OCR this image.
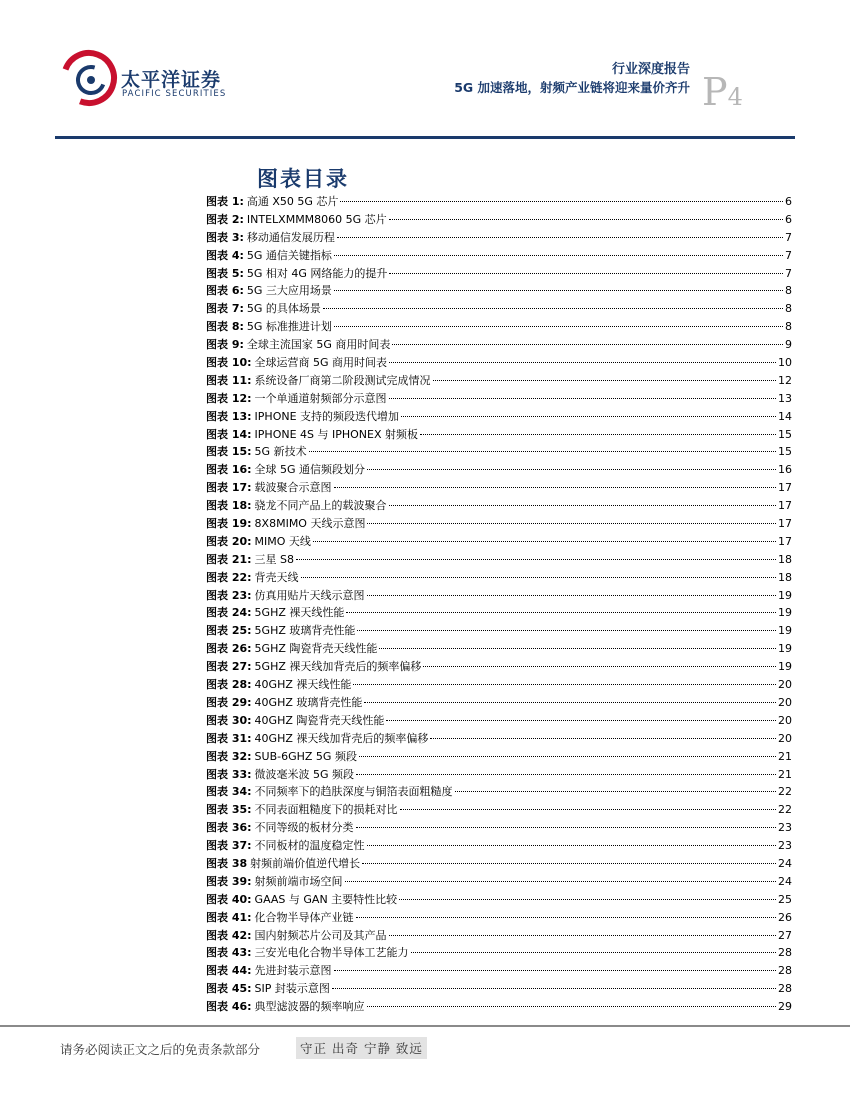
太平洋证券
PACIFIC SECURITIES
行业深度报告
5G 加速落地，射频产业链将迎来量价齐升 P4
图表目录
图表 1: 高通 X50 5G 芯片	6
图表 2: INTELXMMM8060 5G 芯片	6
图表 3: 移动通信发展历程	7
图表 4: 5G 通信关键指标	7
图表 5: 5G 相对 4G 网络能力的提升	7
图表 6: 5G 三大应用场景	8
图表 7: 5G 的具体场景	8
图表 8: 5G 标准推进计划	8
图表 9: 全球主流国家 5G 商用时间表	9
图表 10: 全球运营商 5G 商用时间表	10
图表 11: 系统设备厂商第二阶段测试完成情况	12
图表 12: 一个单通道射频部分示意图	13
图表 13: IPHONE 支持的频段迭代增加	14
图表 14: IPHONE 4S 与 IPHONEX 射频板	15
图表 15: 5G 新技术	15
图表 16: 全球 5G 通信频段划分	16
图表 17: 载波聚合示意图	17
图表 18: 骁龙不同产品上的载波聚合	17
图表 19: 8X8MIMO 天线示意图	17
图表 20: MIMO 天线	17
图表 21: 三星 S8	18
图表 22: 背壳天线	18
图表 23: 仿真用贴片天线示意图	19
图表 24: 5GHZ 裸天线性能	19
图表 25: 5GHZ 玻璃背壳性能	19
图表 26: 5GHZ 陶瓷背壳天线性能	19
图表 27: 5GHZ 裸天线加背壳后的频率偏移	19
图表 28: 40GHZ 裸天线性能	20
图表 29: 40GHZ 玻璃背壳性能	20
图表 30: 40GHZ 陶瓷背壳天线性能	20
图表 31: 40GHZ 裸天线加背壳后的频率偏移	20
图表 32: SUB-6GHZ 5G 频段	21
图表 33: 微波毫米波 5G 频段	21
图表 34: 不同频率下的趋肤深度与铜箔表面粗糙度	22
图表 35: 不同表面粗糙度下的损耗对比	22
图表 36: 不同等级的板材分类	23
图表 37: 不同板材的温度稳定性	23
图表 38 射频前端价值逆代增长	24
图表 39: 射频前端市场空间	24
图表 40: GAAS 与 GAN 主要特性比较	25
图表 41: 化合物半导体产业链	26
图表 42: 国内射频芯片公司及其产品	27
图表 43: 三安光电化合物半导体工艺能力	28
图表 44: 先进封装示意图	28
图表 45: SIP 封装示意图	28
图表 46: 典型滤波器的频率响应	29
请务必阅读正文之后的免责条款部分	守正 出奇 宁静 致远
